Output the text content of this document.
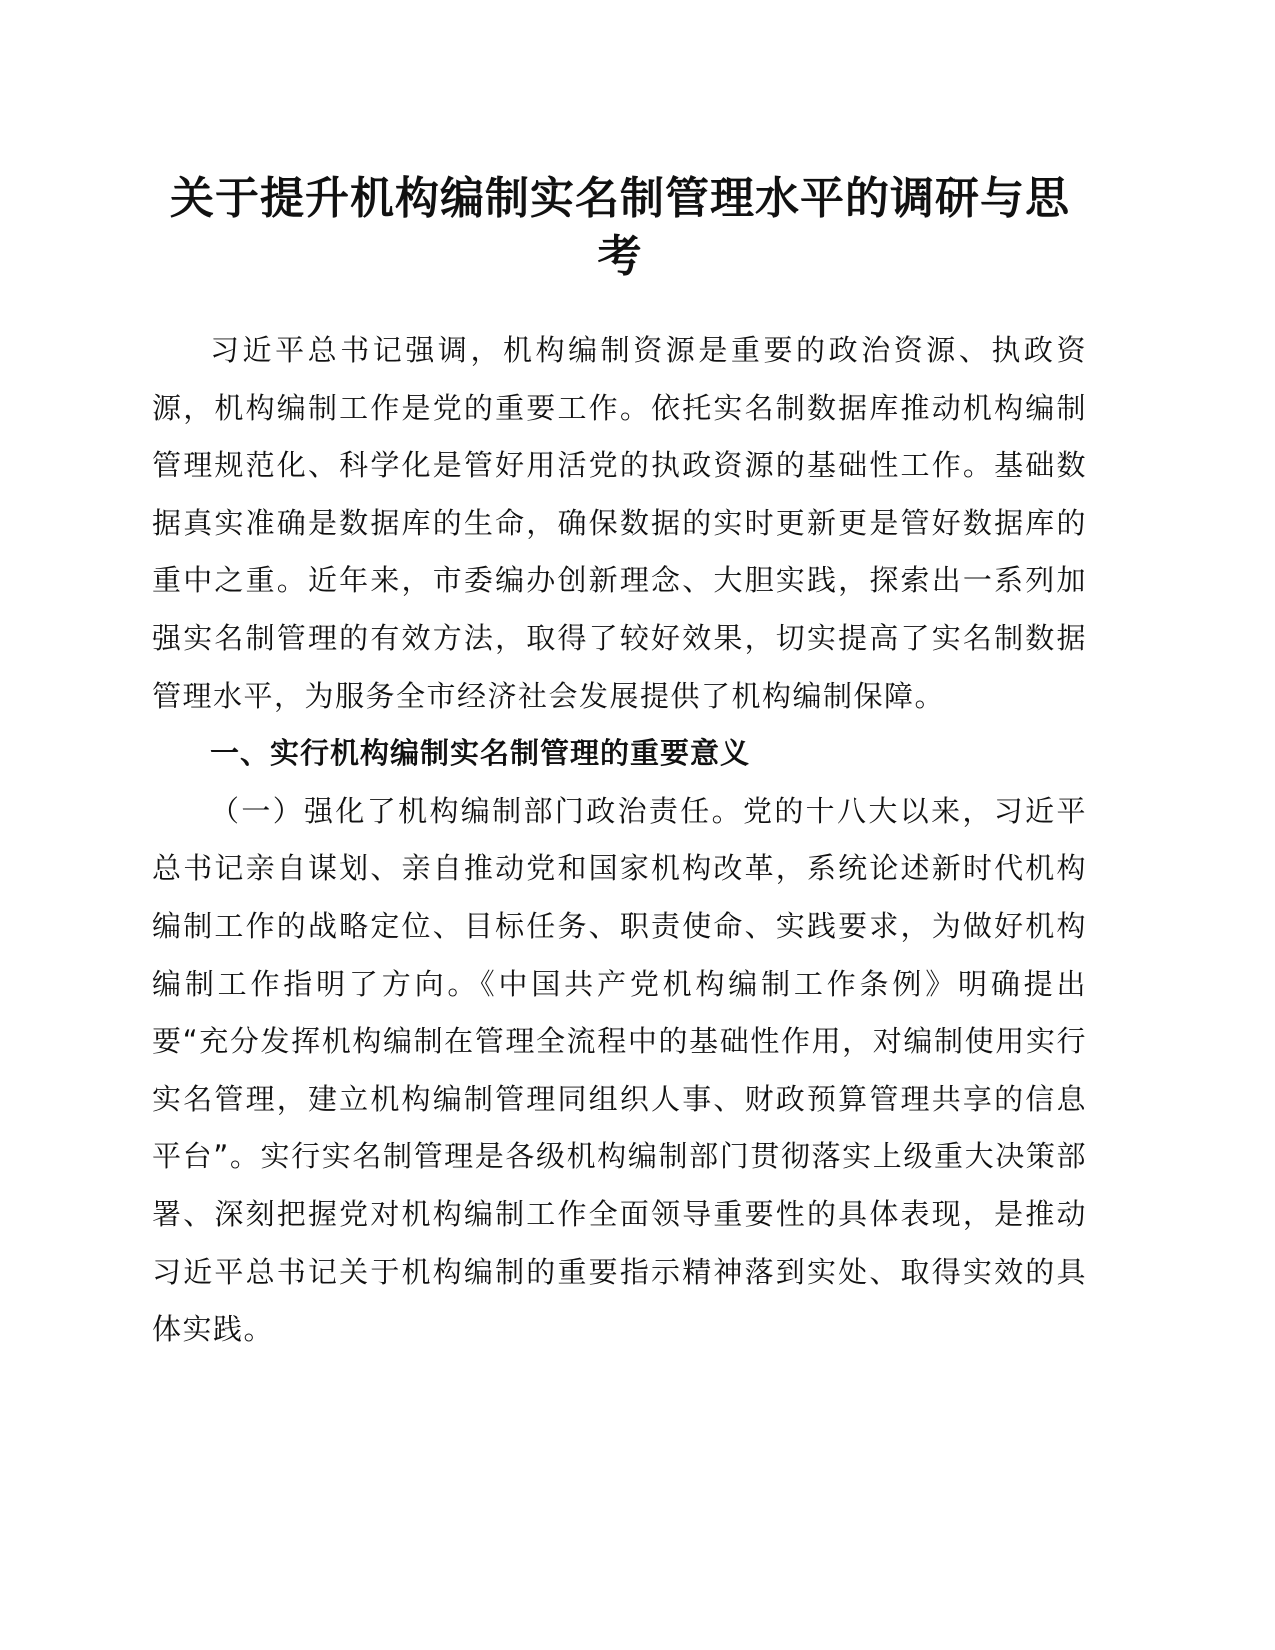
关于提升机构编制实名制管理水平的调研与思考

习近平总书记强调，机构编制资源是重要的政治资源、执政资源，机构编制工作是党的重要工作。依托实名制数据库推动机构编制管理规范化、科学化是管好用活党的执政资源的基础性工作。基础数据真实准确是数据库的生命，确保数据的实时更新更是管好数据库的重中之重。近年来，市委编办创新理念、大胆实践，探索出一系列加强实名制管理的有效方法，取得了较好效果，切实提高了实名制数据管理水平，为服务全市经济社会发展提供了机构编制保障。

一、实行机构编制实名制管理的重要意义

（一）强化了机构编制部门政治责任。党的十八大以来，习近平总书记亲自谋划、亲自推动党和国家机构改革，系统论述新时代机构编制工作的战略定位、目标任务、职责使命、实践要求，为做好机构编制工作指明了方向。《中国共产党机构编制工作条例》明确提出要“充分发挥机构编制在管理全流程中的基础性作用，对编制使用实行实名管理，建立机构编制管理同组织人事、财政预算管理共享的信息平台”。实行实名制管理是各级机构编制部门贯彻落实上级重大决策部署、深刻把握党对机构编制工作全面领导重要性的具体表现，是推动习近平总书记关于机构编制的重要指示精神落到实处、取得实效的具体实践。
